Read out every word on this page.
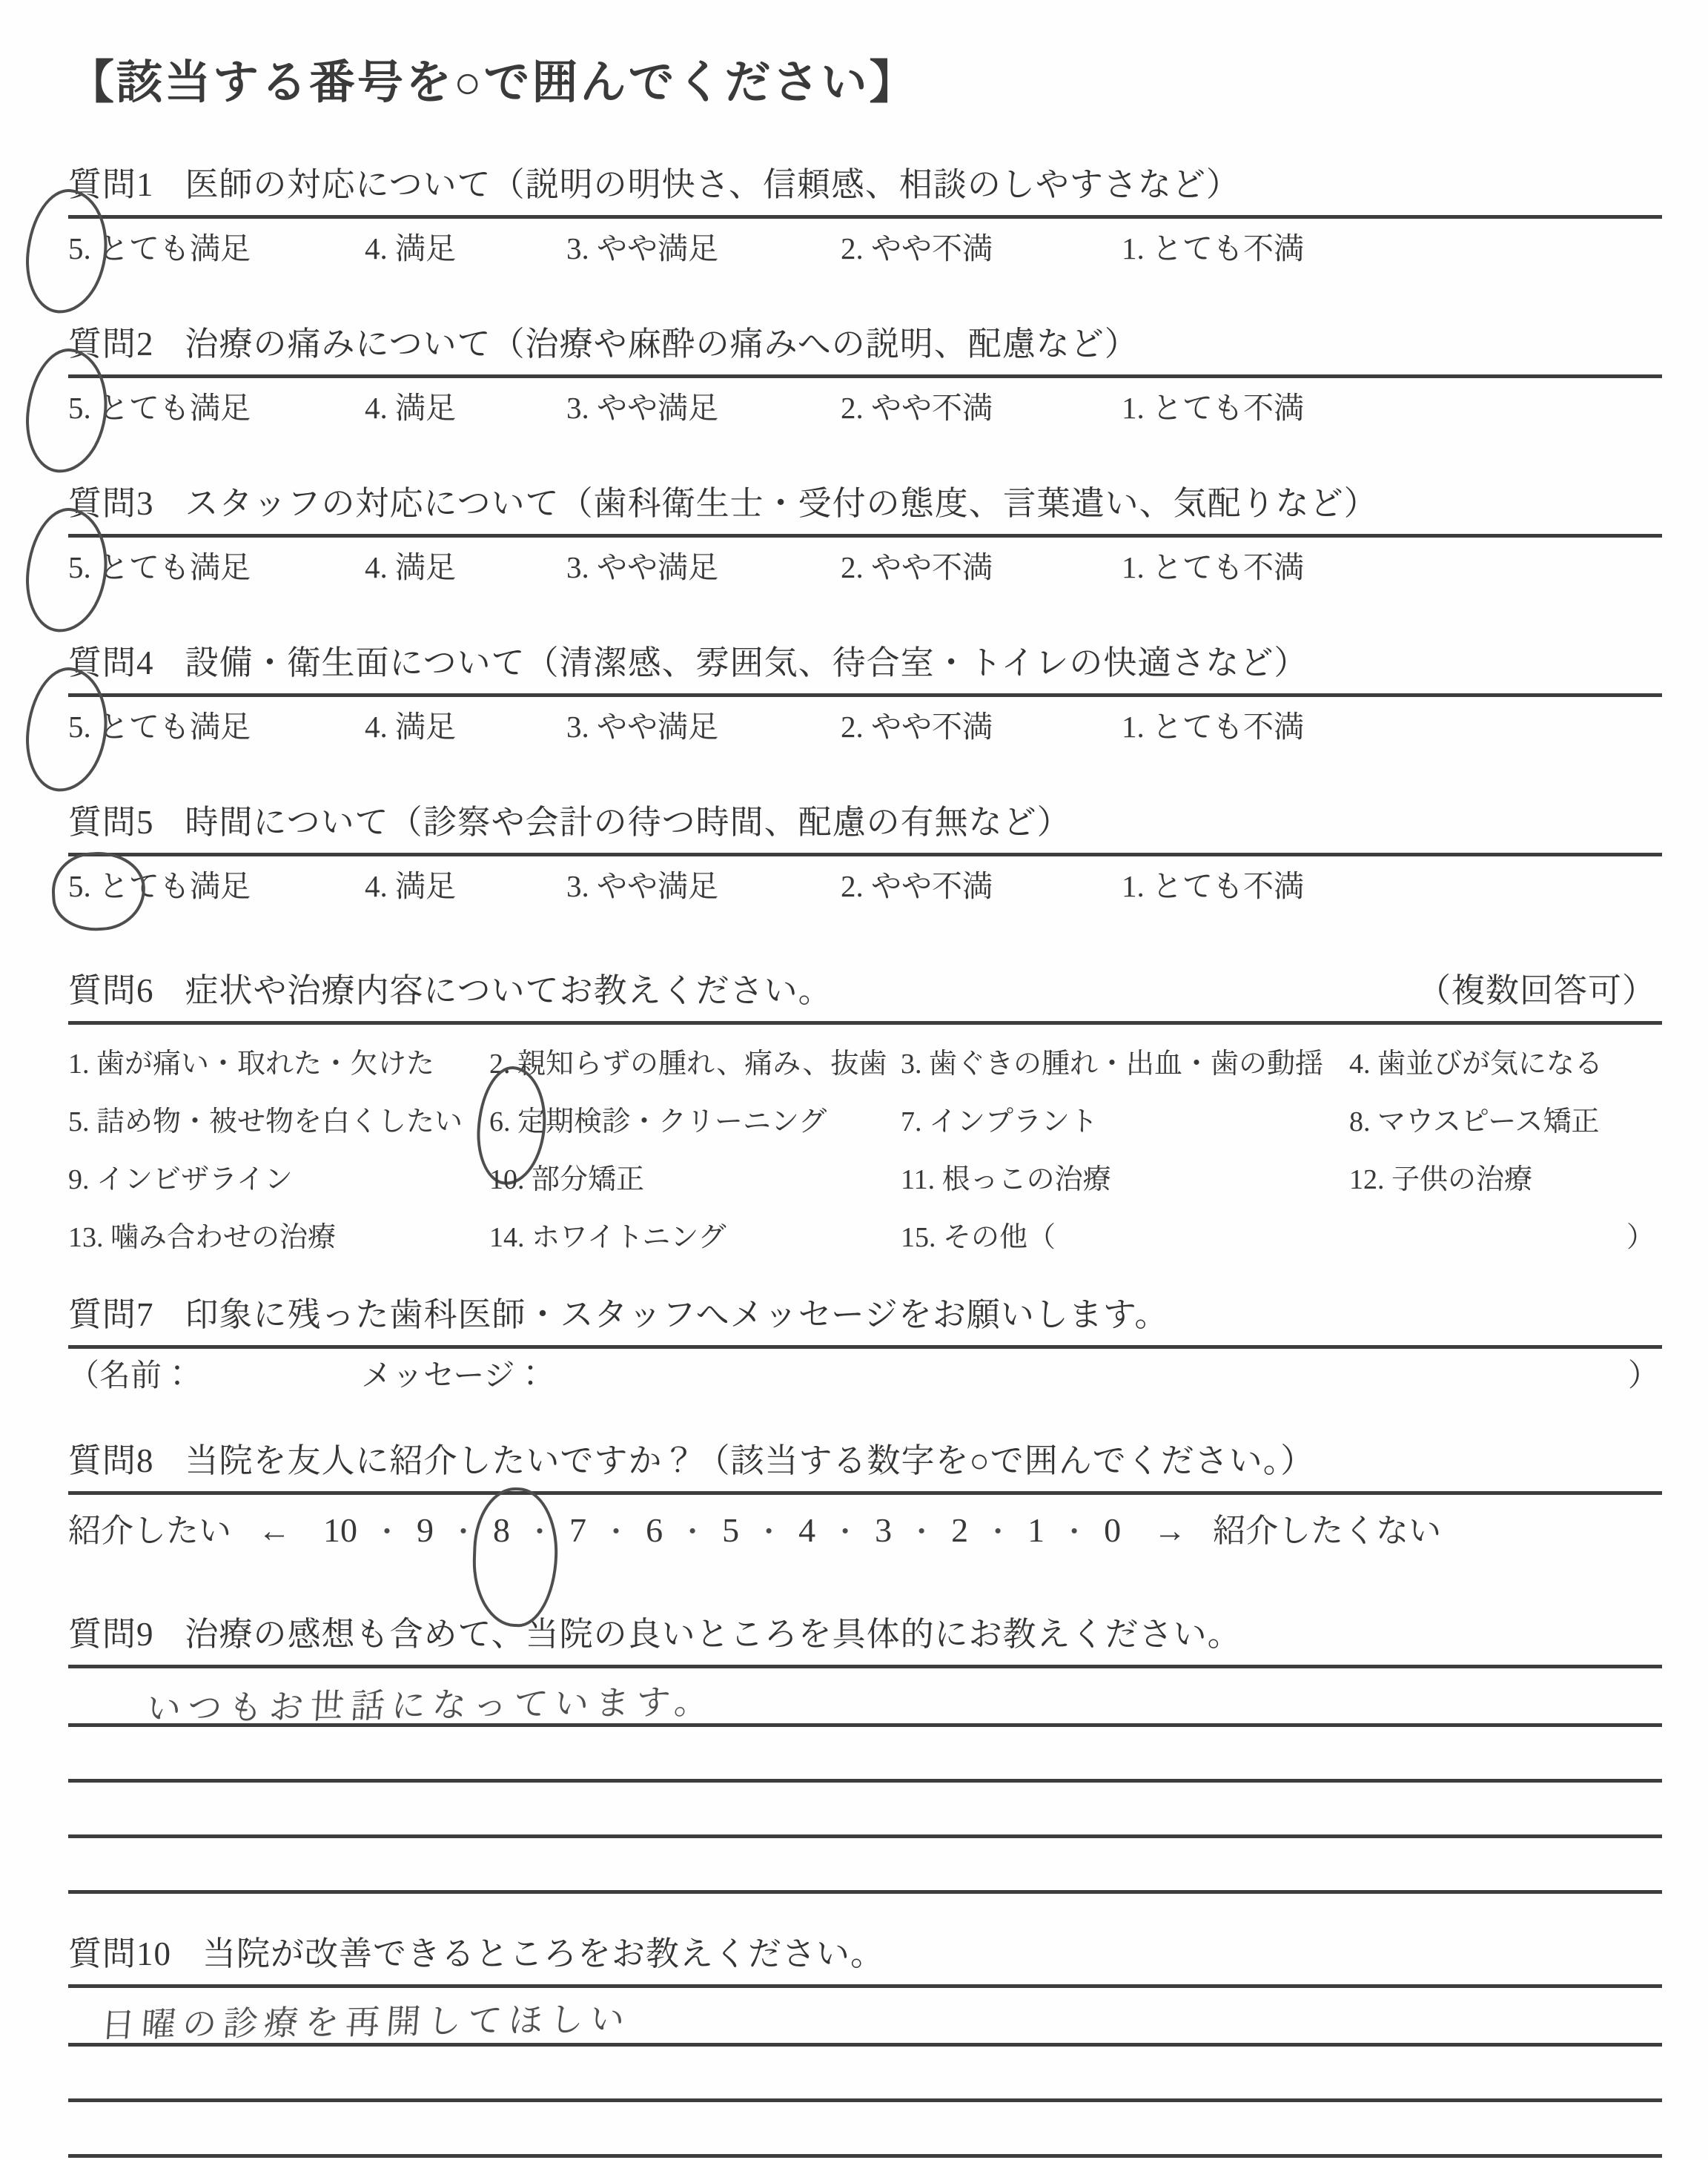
【該当する番号を○で囲んでください】
質問1 医師の対応について（説明の明快さ、信頼感、相談のしやすさなど）
5. とても満足	4. 満足	3. やや満足	2. やや不満	1. とても不満
質問2 治療の痛みについて（治療や麻酔の痛みへの説明、配慮など）
5. とても満足	4. 満足	3. やや満足	2. やや不満	1. とても不満
質問3 スタッフの対応について（歯科衛生士・受付の態度、言葉遣い、気配りなど）
5. とても満足	4. 満足	3. やや満足	2. やや不満	1. とても不満
質問4 設備・衛生面について（清潔感、雰囲気、待合室・トイレの快適さなど）
5. とても満足	4. 満足	3. やや満足	2. やや不満	1. とても不満
質問5 時間について（診察や会計の待つ時間、配慮の有無など）
5. とても満足	4. 満足	3. やや満足	2. やや不満	1. とても不満
質問6 症状や治療内容についてお教えください。	（複数回答可）
1. 歯が痛い・取れた・欠けた	2. 親知らずの腫れ、痛み、抜歯 3. 歯ぐきの腫れ・出血・歯の動揺 4. 歯並びが気になる
5. 詰め物・被せ物を白くしたい 6. 定期検診・クリーニング	7. インプラント	8. マウスピース矯正
9. インビザライン	10. 部分矯正	11. 根っこの治療	12. 子供の治療
13. 噛み合わせの治療	14. ホワイトニング	15. その他（	）
質問7 印象に残った歯科医師・スタッフへメッセージをお願いします。
（名前：	メッセージ：	）
質問8 当院を友人に紹介したいですか？（該当する数字を○で囲んでください。）
紹介したい ← 10 ・ 9 ・ 8 ・ 7 ・ 6 ・ 5 ・ 4 ・ 3 ・ 2 ・ 1 ・ 0 → 紹介したくない
質問9 治療の感想も含めて、当院の良いところを具体的にお教えください。
いつもお世話になっています。
質問10 当院が改善できるところをお教えください。
日曜の診療を再開してほしい
